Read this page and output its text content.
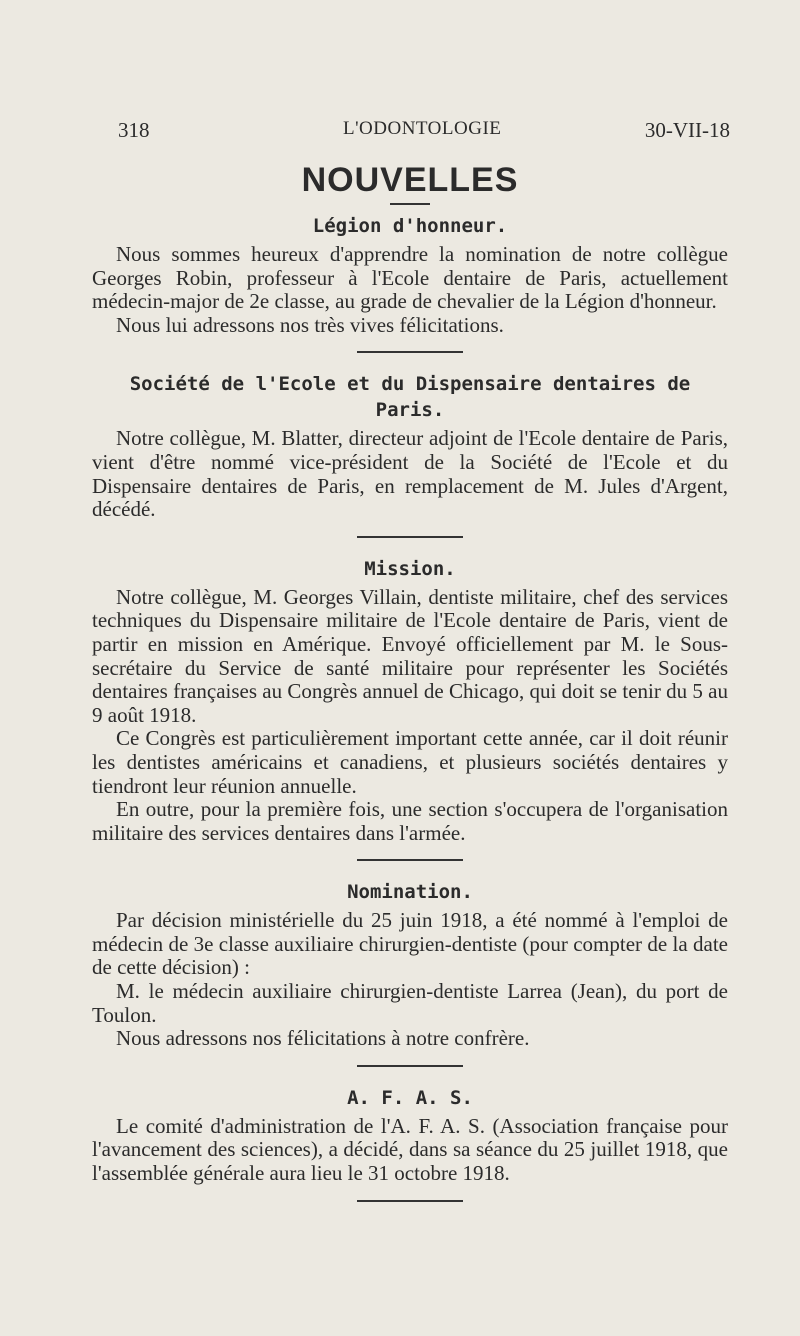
318	L'ODONTOLOGIE	30-VII-18
NOUVELLES
Légion d'honneur.

Nous sommes heureux d'apprendre la nomination de notre collègue Georges Robin, professeur à l'Ecole dentaire de Paris, actuellement médecin-major de 2e classe, au grade de chevalier de la Légion d'honneur.

Nous lui adressons nos très vives félicitations.

Société de l'Ecole et du Dispensaire dentaires de Paris.

Notre collègue, M. Blatter, directeur adjoint de l'Ecole dentaire de Paris, vient d'être nommé vice-président de la Société de l'Ecole et du Dispensaire dentaires de Paris, en remplacement de M. Jules d'Argent, décédé.

Mission.

Notre collègue, M. Georges Villain, dentiste militaire, chef des services techniques du Dispensaire militaire de l'Ecole dentaire de Paris, vient de partir en mission en Amérique. Envoyé officiellement par M. le Sous-secrétaire du Service de santé militaire pour représenter les Sociétés dentaires françaises au Congrès annuel de Chicago, qui doit se tenir du 5 au 9 août 1918.

Ce Congrès est particulièrement important cette année, car il doit réunir les dentistes américains et canadiens, et plusieurs sociétés dentaires y tiendront leur réunion annuelle.

En outre, pour la première fois, une section s'occupera de l'organisation militaire des services dentaires dans l'armée.

Nomination.

Par décision ministérielle du 25 juin 1918, a été nommé à l'emploi de médecin de 3e classe auxiliaire chirurgien-dentiste (pour compter de la date de cette décision) :

M. le médecin auxiliaire chirurgien-dentiste Larrea (Jean), du port de Toulon.

Nous adressons nos félicitations à notre confrère.

A. F. A. S.

Le comité d'administration de l'A. F. A. S. (Association française pour l'avancement des sciences), a décidé, dans sa séance du 25 juillet 1918, que l'assemblée générale aura lieu le 31 octobre 1918.
